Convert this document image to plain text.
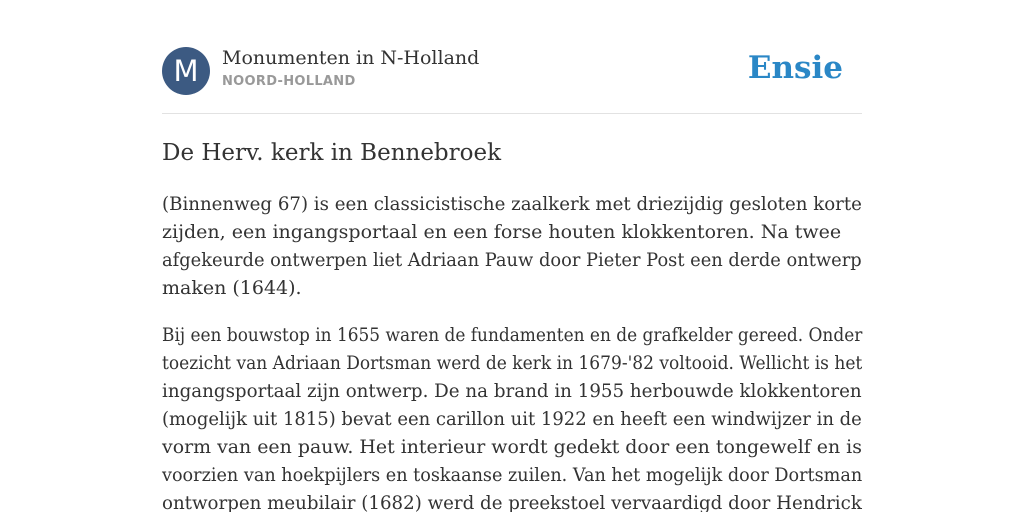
M	Monumenten in N-Holland
NOORD-HOLLAND	Ensie
De Herv. kerk in Bennebroek

(Binnenweg 67) is een classicistische zaalkerk met driezijdig gesloten korte
zijden, een ingangsportaal en een forse houten klokkentoren. Na twee
afgekeurde ontwerpen liet Adriaan Pauw door Pieter Post een derde ontwerp
maken (1644).

Bij een bouwstop in 1655 waren de fundamenten en de grafkelder gereed. Onder toezicht van Adriaan Dortsman werd de kerk in 1679-'82 voltooid. Wellicht is het ingangsportaal zijn ontwerp. De na brand in 1955 herbouwde klokkentoren (mogelijk uit 1815) bevat een carillon uit 1922 en heeft een windwijzer in de vorm van een pauw. Het interieur wordt gedekt door een tongewelf en is voorzien van hoekpijlers en toskaanse zuilen. Van het mogelijk door Dortsman ontworpen meubilair (1682) werd de preekstoel vervaardigd door Hendrick
